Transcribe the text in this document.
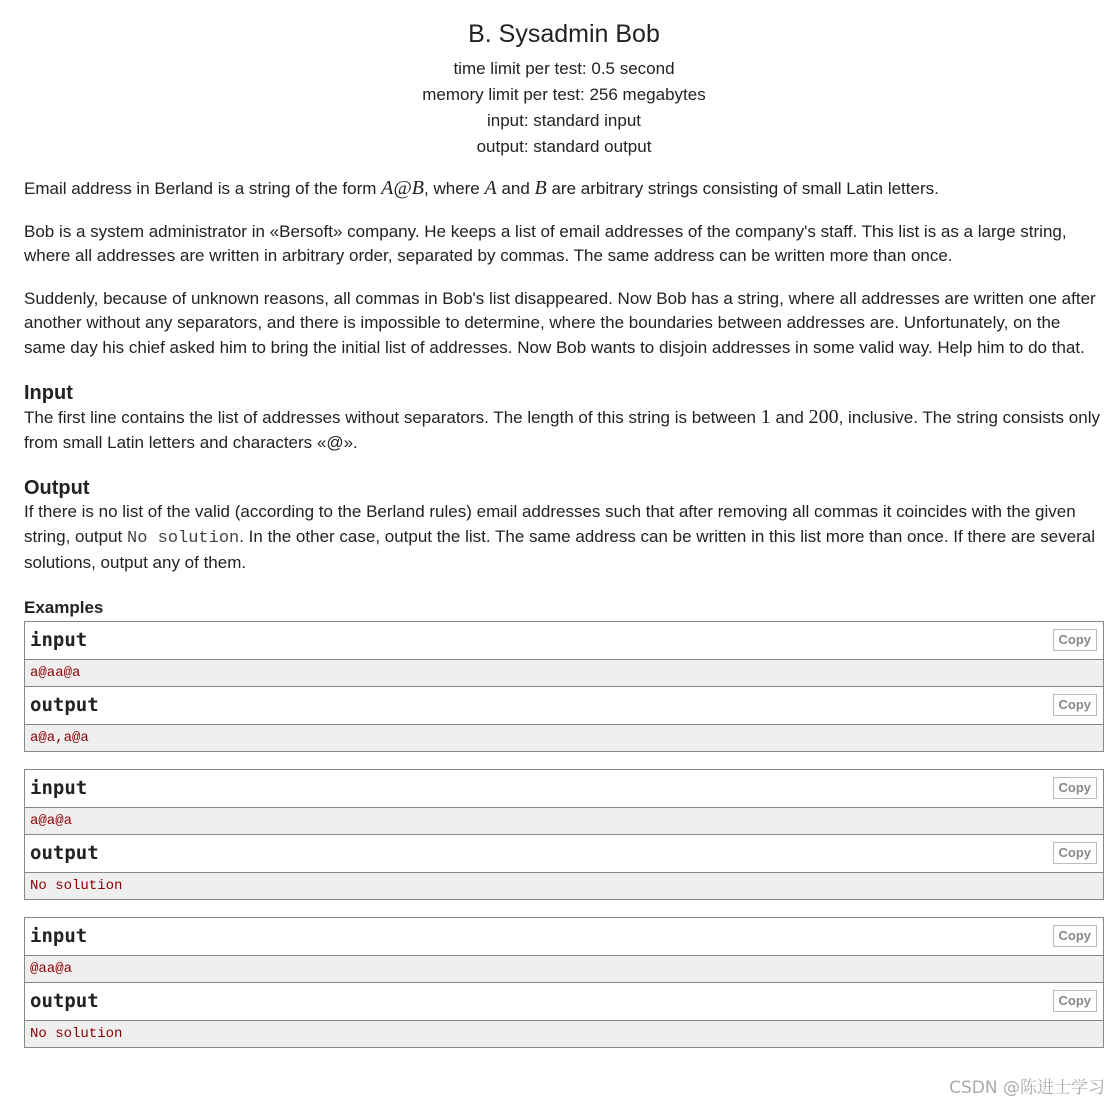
B. Sysadmin Bob
time limit per test: 0.5 second
memory limit per test: 256 megabytes
input: standard input
output: standard output

Email address in Berland is a string of the form A@B, where A and B are arbitrary strings consisting of small Latin letters.

Bob is a system administrator in «Bersoft» company. He keeps a list of email addresses of the company's staff. This list is as a large string, where all addresses are written in arbitrary order, separated by commas. The same address can be written more than once.

Suddenly, because of unknown reasons, all commas in Bob's list disappeared. Now Bob has a string, where all addresses are written one after another without any separators, and there is impossible to determine, where the boundaries between addresses are. Unfortunately, on the same day his chief asked him to bring the initial list of addresses. Now Bob wants to disjoin addresses in some valid way. Help him to do that.

Input

The first line contains the list of addresses without separators. The length of this string is between 1 and 200, inclusive. The string consists only from small Latin letters and characters «@».

Output

If there is no list of the valid (according to the Berland rules) email addresses such that after removing all commas it coincides with the given string, output No solution. In the other case, output the list. The same address can be written in this list more than once. If there are several solutions, output any of them.

Examples
input	Copy
a@aa@a
output	Copy
a@a,a@a
input	Copy
a@a@a
output	Copy
No solution
input	Copy
@aa@a
output	Copy
No solution
CSDN @陈进士学习
